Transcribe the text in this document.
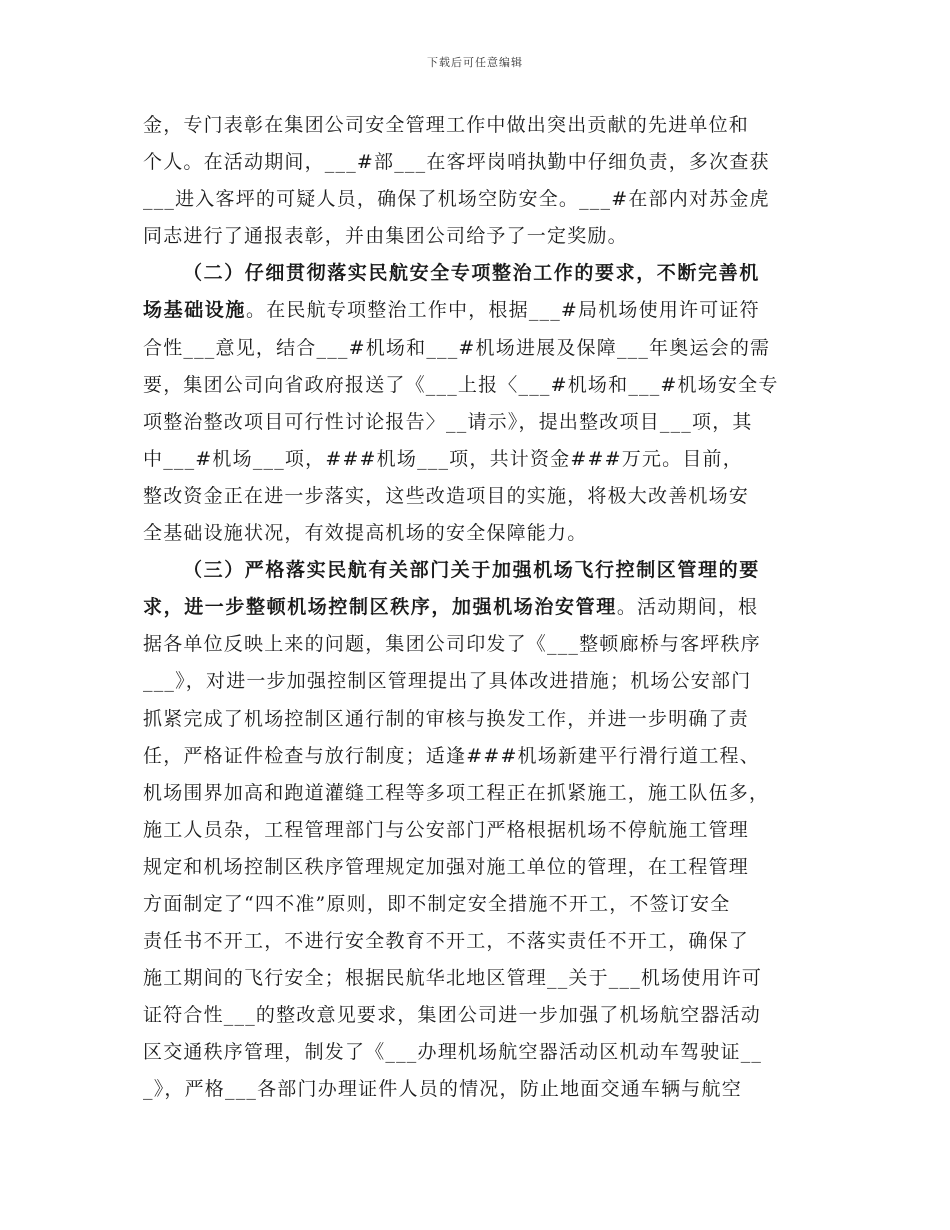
下载后可任意编辑
金，专门表彰在集团公司安全管理工作中做出突出贡献的先进单位和
个人。在活动期间，___#部___在客坪岗哨执勤中仔细负责，多次查获
___进入客坪的可疑人员，确保了机场空防安全。___#在部内对苏金虎
同志进行了通报表彰，并由集团公司给予了一定奖励。
（二）仔细贯彻落实民航安全专项整治工作的要求，不断完善机
场基础设施。在民航专项整治工作中，根据___#局机场使用许可证符
合性___意见，结合___#机场和___#机场进展及保障___年奥运会的需
要，集团公司向省政府报送了《___上报〈___#机场和___#机场安全专
项整治整改项目可行性讨论报告〉__请示》，提出整改项目___项，其
中___#机场___项，###机场___项，共计资金###万元。目前，
整改资金正在进一步落实，这些改造项目的实施，将极大改善机场安
全基础设施状况，有效提高机场的安全保障能力。
（三）严格落实民航有关部门关于加强机场飞行控制区管理的要
求，进一步整顿机场控制区秩序，加强机场治安管理。活动期间，根
据各单位反映上来的问题，集团公司印发了《___整顿廊桥与客坪秩序
___》，对进一步加强控制区管理提出了具体改进措施；机场公安部门
抓紧完成了机场控制区通行制的审核与换发工作，并进一步明确了责
任，严格证件检查与放行制度；适逢###机场新建平行滑行道工程、
机场围界加高和跑道灌缝工程等多项工程正在抓紧施工，施工队伍多，
施工人员杂，工程管理部门与公安部门严格根据机场不停航施工管理
规定和机场控制区秩序管理规定加强对施工单位的管理，在工程管理
方面制定了“四不准”原则，即不制定安全措施不开工，不签订安全
责任书不开工，不进行安全教育不开工，不落实责任不开工，确保了
施工期间的飞行安全；根据民航华北地区管理__关于___机场使用许可
证符合性___的整改意见要求，集团公司进一步加强了机场航空器活动
区交通秩序管理，制发了《___办理机场航空器活动区机动车驾驶证__
_》，严格___各部门办理证件人员的情况，防止地面交通车辆与航空
